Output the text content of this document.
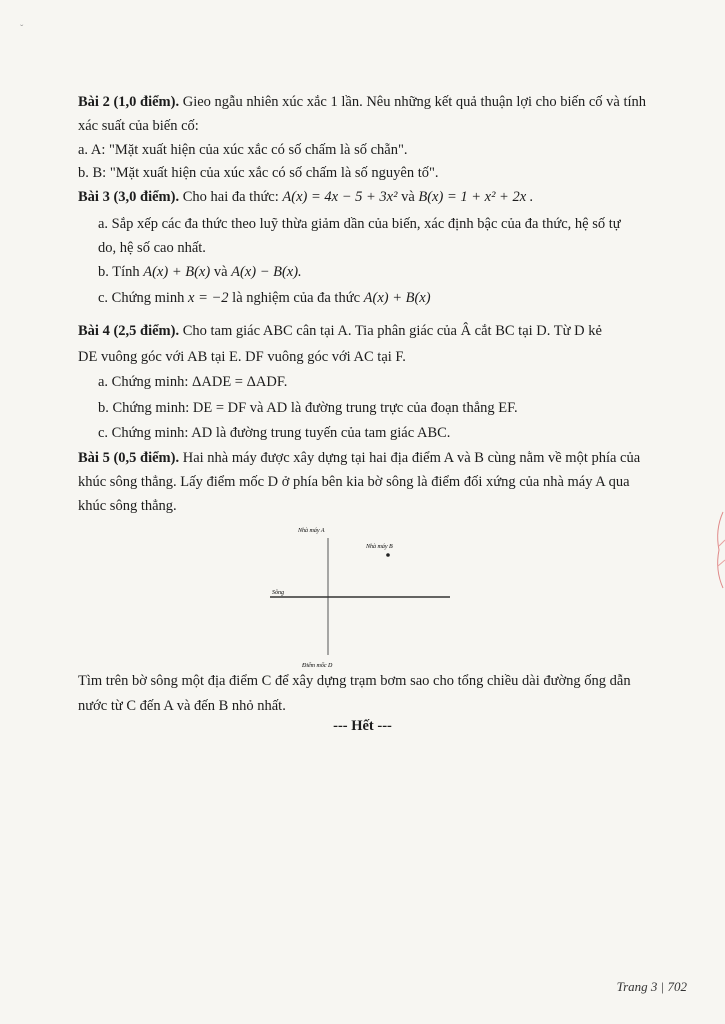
ˇ
Bài 2 (1,0 điểm). Gieo ngẫu nhiên xúc xắc 1 lần. Nêu những kết quả thuận lợi cho biến cố và tính
xác suất của biến cố:
a. A: "Mặt xuất hiện của xúc xắc có số chấm là số chẵn".
b. B: "Mặt xuất hiện của xúc xắc có số chấm là số nguyên tố".
Bài 3 (3,0 điểm). Cho hai đa thức: A(x) = 4x − 5 + 3x² và B(x) = 1 + x² + 2x .
a. Sắp xếp các đa thức theo luỹ thừa giảm dần của biến, xác định bậc của đa thức, hệ số tự
do, hệ số cao nhất.
b. Tính A(x) + B(x) và A(x) − B(x).
c. Chứng minh x = −2 là nghiệm của đa thức A(x) + B(x)
Bài 4 (2,5 điểm). Cho tam giác ABC cân tại A. Tia phân giác của Â cắt BC tại D. Từ D kẻ
DE vuông góc với AB tại E. DF vuông góc với AC tại F.
a. Chứng minh: ΔADE = ΔADF.
b. Chứng minh: DE = DF và AD là đường trung trực của đoạn thẳng EF.
c. Chứng minh: AD là đường trung tuyến của tam giác ABC.
Bài 5 (0,5 điểm). Hai nhà máy được xây dựng tại hai địa điểm A và B cùng nằm về một phía của
khúc sông thẳng. Lấy điểm mốc D ở phía bên kia bờ sông là điểm đối xứng của nhà máy A qua
khúc sông thẳng.
Nhà máy A
Nhà máy B
Sông
Điểm mốc D
Tìm trên bờ sông một địa điểm C để xây dựng trạm bơm sao cho tổng chiều dài đường ống dẫn
nước từ C đến A và đến B nhỏ nhất.
--- Hết ---
Trang 3 | 702
